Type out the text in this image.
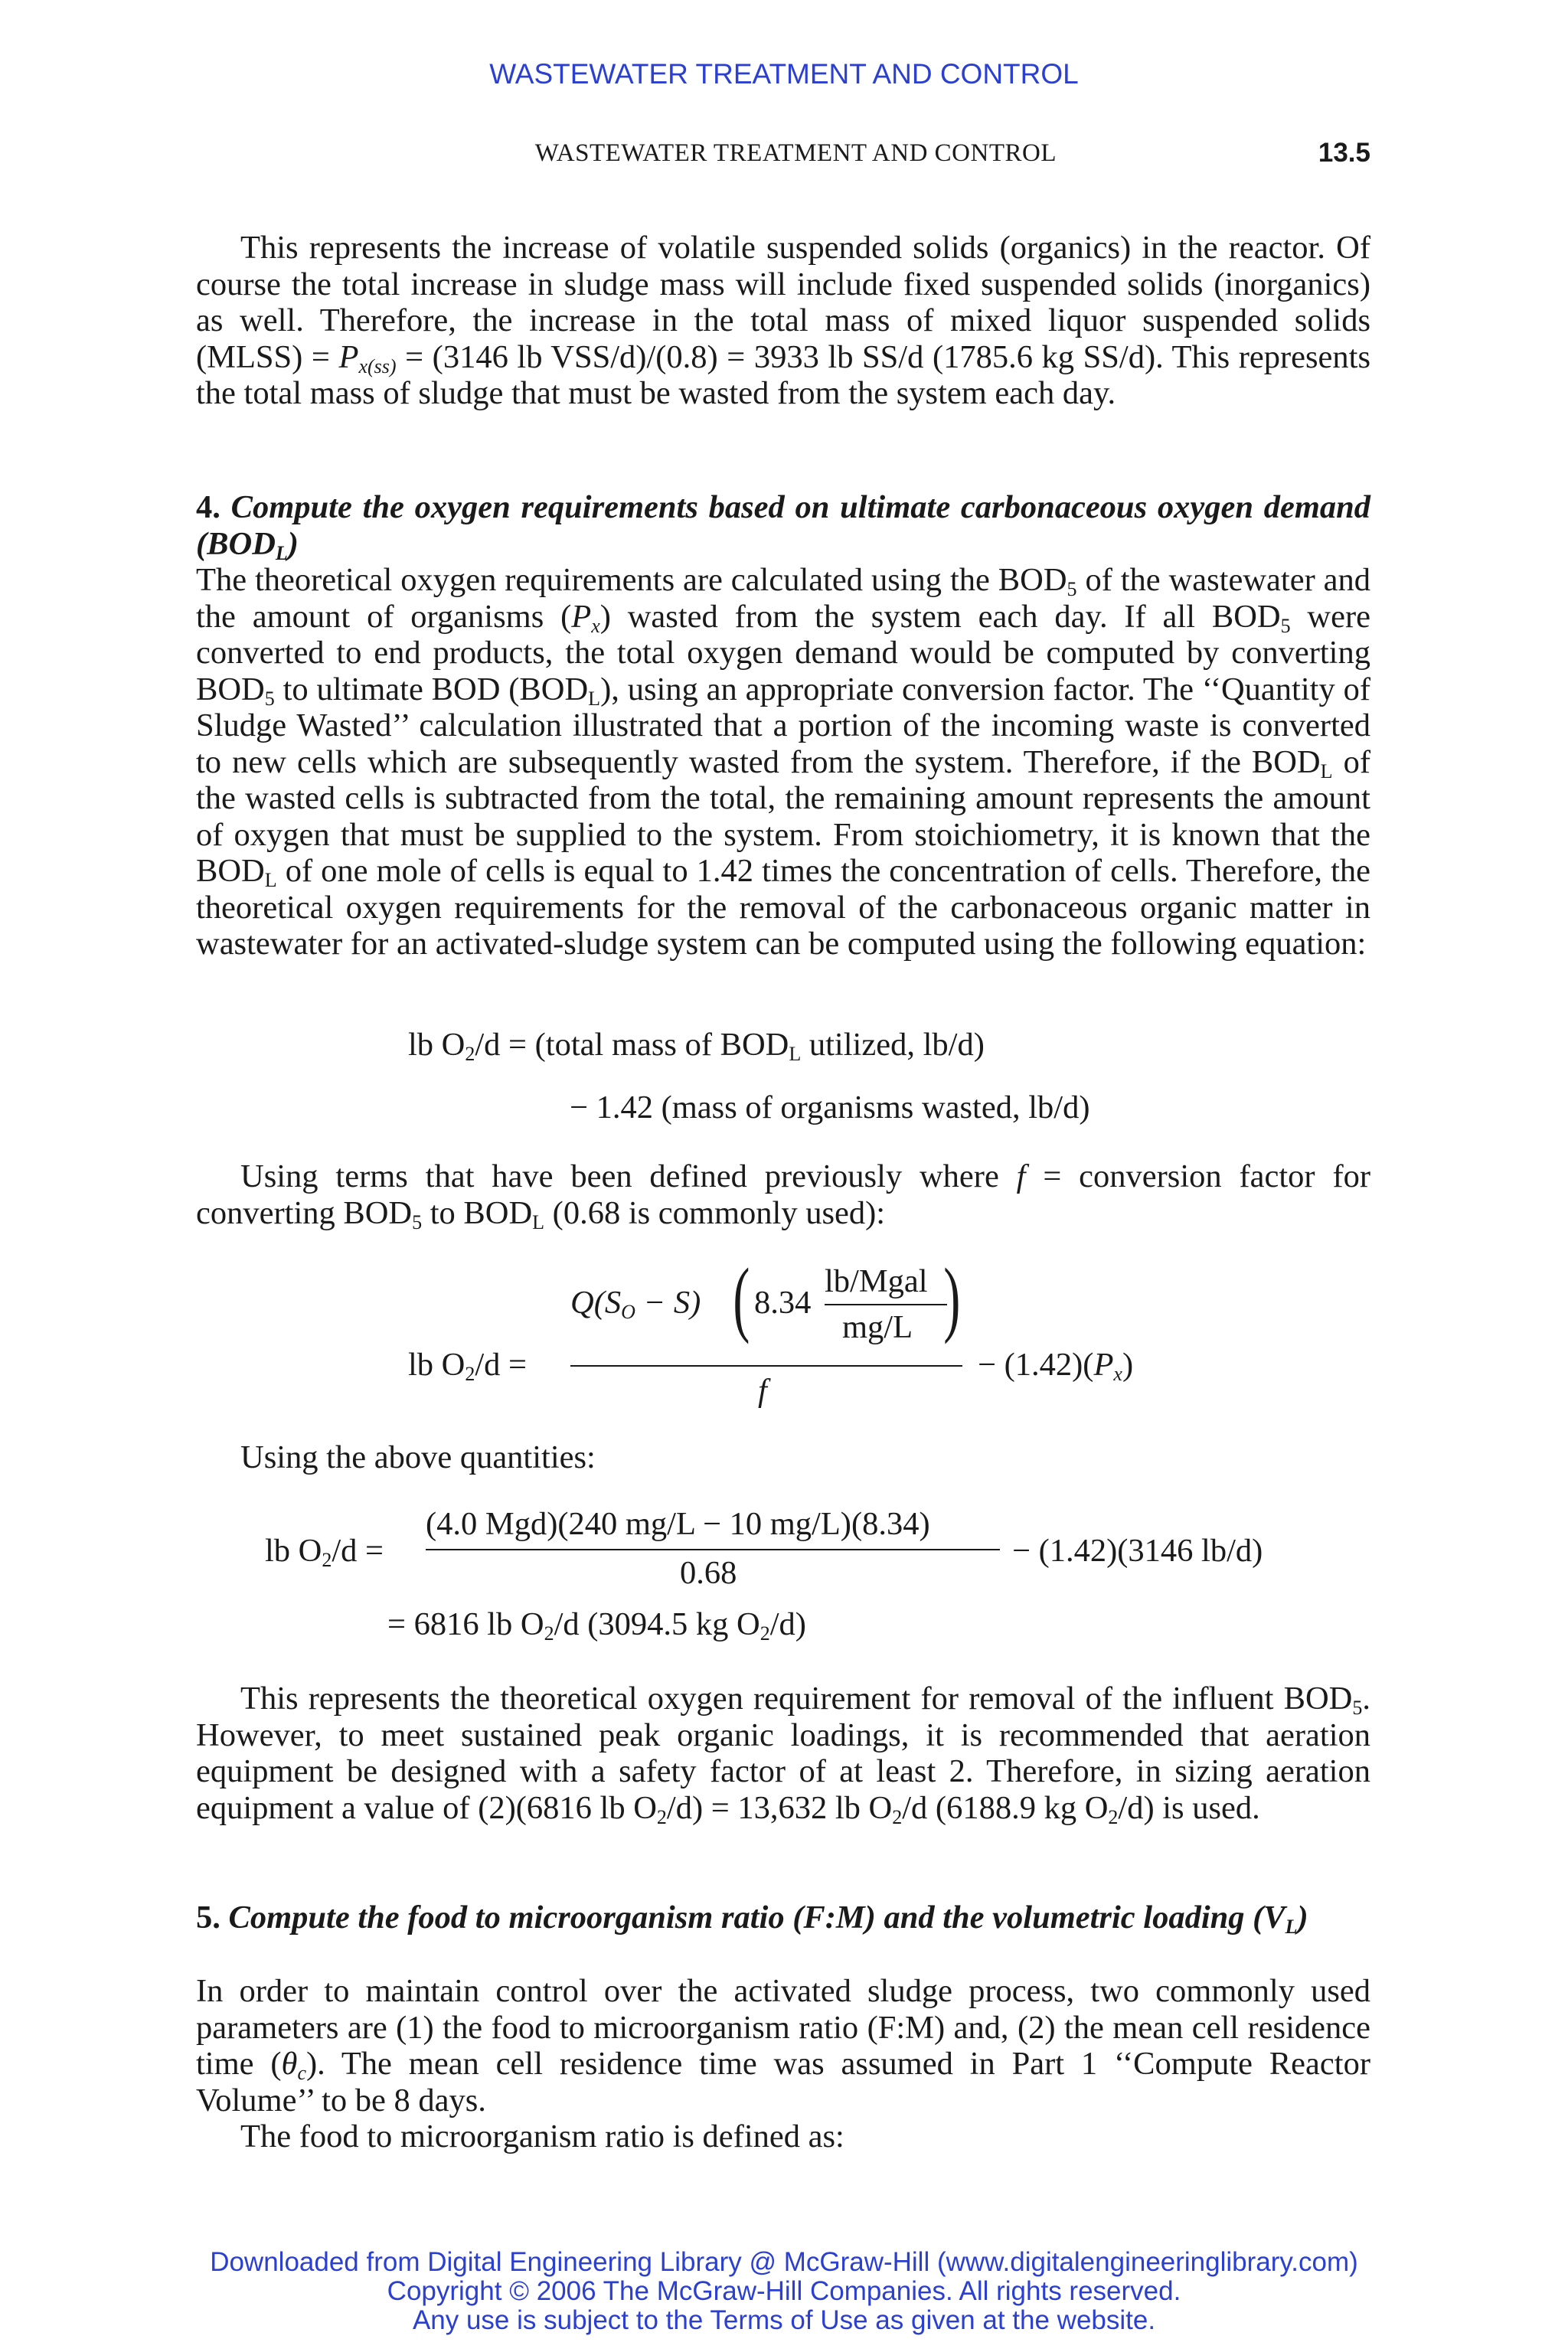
WASTEWATER TREATMENT AND CONTROL
WASTEWATER TREATMENT AND CONTROL	13.5
This represents the increase of volatile suspended solids (organics) in the reactor. Of course the total increase in sludge mass will include fixed suspended solids (inorganics) as well. Therefore, the increase in the total mass of mixed liquor suspended solids (MLSS) = $P_{x(ss)} = (3146$ lb VSS/d)/(0.8) = 3933 lb SS/d (1785.6 kg SS/d). This represents the total mass of sludge that must be wasted from the system each day.
4. Compute the oxygen requirements based on ultimate carbonaceous oxygen demand $(BOD_L)$
The theoretical oxygen requirements are calculated using the $BOD_5$ of the wastewater and the amount of organisms $(P_x)$ wasted from the system each day. If all $BOD_5$ were converted to end products, the total oxygen demand would be computed by converting $BOD_5$ to ultimate BOD $(BOD_L)$, using an appropriate conversion factor. The ‘‘Quantity of Sludge Wasted’’ calculation illustrated that a portion of the incoming waste is converted to new cells which are subsequently wasted from the system. Therefore, if the $BOD_L$ of the wasted cells is subtracted from the total, the remaining amount represents the amount of oxygen that must be supplied to the system. From stoichiometry, it is known that the $BOD_L$ of one mole of cells is equal to 1.42 times the concentration of cells. Therefore, the theoretical oxygen requirements for the removal of the carbonaceous organic matter in wastewater for an activated-sludge system can be computed using the following equation:
lb $O_2/d$ = (total mass of $BOD_L$ utilized, lb/d)
− 1.42 (mass of organisms wasted, lb/d)
Using terms that have been defined previously where f = conversion factor for converting $BOD_5$ to $BOD_L$ (0.68 is commonly used):
lb $O_2/d$ =
$Q(S_O - S)$ ( 8.34
lb/Mgal
mg/L )
f
− $(1.42)(P_x)$
Using the above quantities:
lb $O_2/d$ =
(4.0 Mgd)(240 mg/L − 10 mg/L)(8.34)
0.68
− (1.42)(3146 lb/d)
= 6816 lb $O_2/d$ (3094.5 kg $O_2/d$)
This represents the theoretical oxygen requirement for removal of the influent $BOD_5$. However, to meet sustained peak organic loadings, it is recommended that aeration equipment be designed with a safety factor of at least 2. Therefore, in sizing aeration equipment a value of (2)(6816 lb $O_2/d) = 13,632$ lb $O_2/d$ (6188.9 kg $O_2/d$) is used.
5. Compute the food to microorganism ratio (F:M) and the volumetric loading $(V_L)$
In order to maintain control over the activated sludge process, two commonly used parameters are (1) the food to microorganism ratio (F:M) and, (2) the mean cell residence time $(\theta_c)$. The mean cell residence time was assumed in Part 1 ‘‘Compute Reactor Volume’’ to be 8 days.
The food to microorganism ratio is defined as:
Downloaded from Digital Engineering Library @ McGraw-Hill (www.digitalengineeringlibrary.com)
Copyright © 2006 The McGraw-Hill Companies. All rights reserved.
Any use is subject to the Terms of Use as given at the website.
